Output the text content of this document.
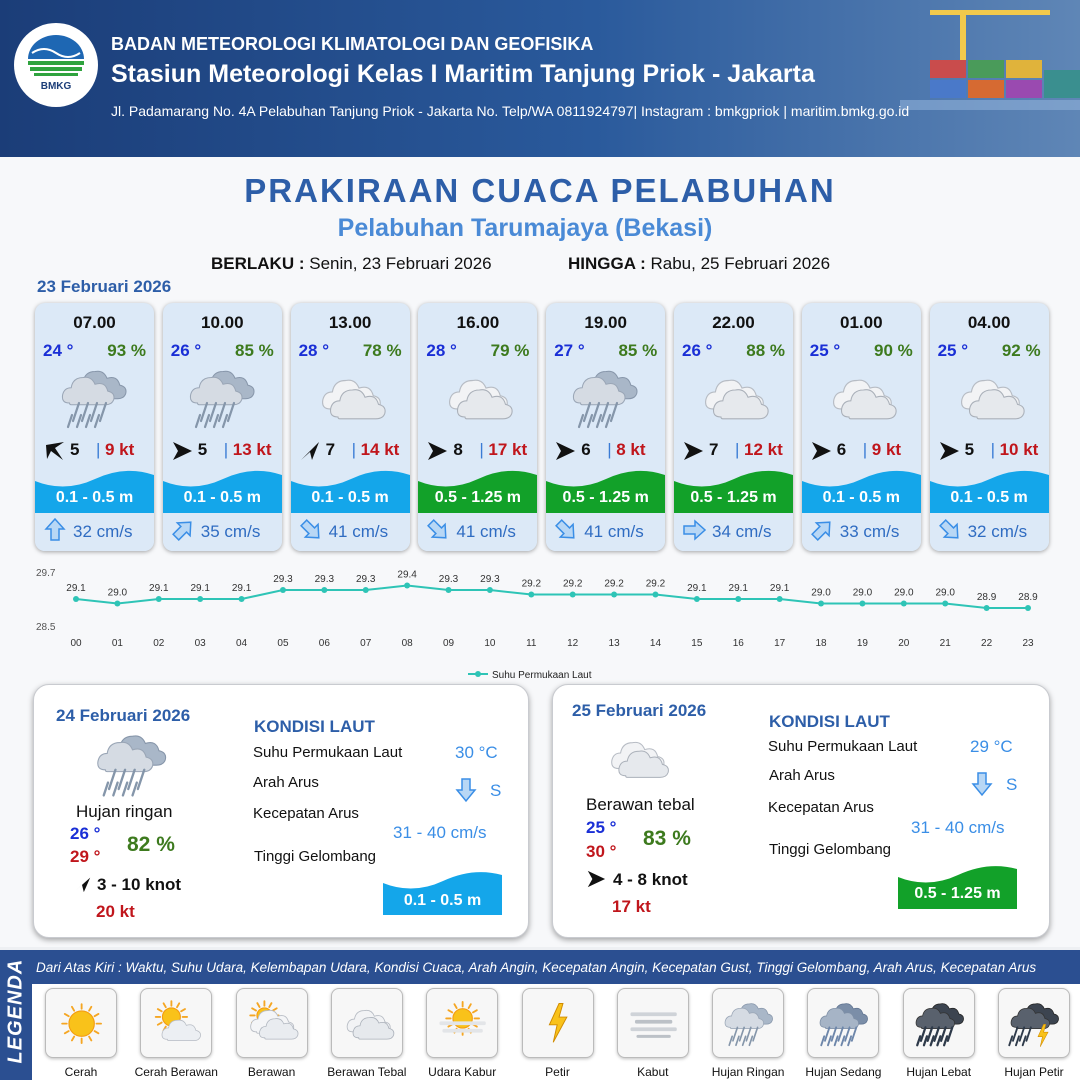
BMKG
BADAN METEOROLOGI KLIMATOLOGI DAN GEOFISIKA
Stasiun Meteorologi Kelas I Maritim Tanjung Priok - Jakarta
Jl. Padamarang No. 4A Pelabuhan Tanjung Priok - Jakarta No. Telp/WA 0811924797| Instagram : bmkgpriok | maritim.bmkg.go.id
PRAKIRAAN CUACA PELABUHAN
Pelabuhan Tarumajaya (Bekasi)
BERLAKU : Senin, 23 Februari 2026	HINGGA : Rabu, 25 Februari 2026
23 Februari 2026
07.00
24 ° 93 %
5 | 9 kt
0.1 - 0.5 m
32 cm/s
10.00
26 ° 85 %
5 | 13 kt
0.1 - 0.5 m
35 cm/s
13.00
28 ° 78 %
7 | 14 kt
0.1 - 0.5 m
41 cm/s
16.00
28 ° 79 %
8 | 17 kt
0.5 - 1.25 m
41 cm/s
19.00
27 ° 85 %
6 | 8 kt
0.5 - 1.25 m
41 cm/s
22.00
26 ° 88 %
7 | 12 kt
0.5 - 1.25 m
34 cm/s
01.00
25 ° 90 %
6 | 9 kt
0.1 - 0.5 m
33 cm/s
04.00
25 ° 92 %
5 | 10 kt
0.1 - 0.5 m
32 cm/s
29.7
28.5
29.1
00
29.0
01
29.1
02
29.1
03
29.1
04
29.3
05
29.3
06
29.3
07
29.4
08
29.3
09
29.3
10
29.2
11
29.2
12
29.2
13
29.2
14
29.1
15
29.1
16
29.1
17
29.0
18
29.0
19
29.0
20
29.0
21
28.9
22
28.9
23
Suhu Permukaan Laut
24 Februari 2026
Hujan ringan
26 °
29 °
82 %
3 - 10 knot
20 kt
KONDISI LAUT
Suhu Permukaan Laut	30 °C
Arah Arus	S
Kecepatan Arus
31 - 40 cm/s
Tinggi Gelombang
0.1 - 0.5 m
25 Februari 2026
Berawan tebal
25 °
30 °
83 %
4 - 8 knot
17 kt
KONDISI LAUT
Suhu Permukaan Laut	29 °C
Arah Arus	S
Kecepatan Arus
31 - 40 cm/s
Tinggi Gelombang
0.5 - 1.25 m
LEGENDA Dari Atas Kiri : Waktu, Suhu Udara, Kelembapan Udara, Kondisi Cuaca, Arah Angin, Kecepatan Angin, Kecepatan Gust, Tinggi Gelombang, Arah Arus, Kecepatan Arus
Cerah	Cerah Berawan	Berawan	Berawan Tebal	Udara Kabur	Petir	Kabut	Hujan Ringan	Hujan Sedang	Hujan Lebat	Hujan Petir
